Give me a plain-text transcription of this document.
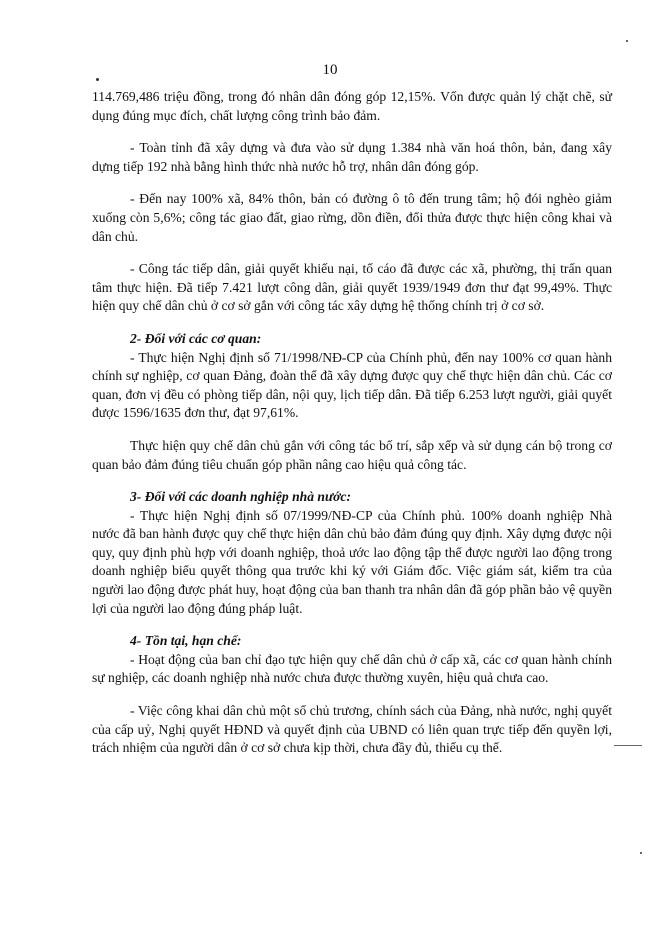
10

114.769,486 triệu đồng, trong đó nhân dân đóng góp 12,15%. Vốn được quản lý chặt chẽ, sử dụng đúng mục đích, chất lượng công trình bảo đảm.

- Toàn tỉnh đã xây dựng và đưa vào sử dụng 1.384 nhà văn hoá thôn, bản, đang xây dựng tiếp 192 nhà bằng hình thức nhà nước hỗ trợ, nhân dân đóng góp.

- Đến nay 100% xã, 84% thôn, bản có đường ô tô đến trung tâm; hộ đói nghèo giảm xuống còn 5,6%; công tác giao đất, giao rừng, dồn điền, đổi thửa được thực hiện công khai và dân chủ.

- Công tác tiếp dân, giải quyết khiếu nại, tố cáo đã được các xã, phường, thị trấn quan tâm thực hiện. Đã tiếp 7.421 lượt công dân, giải quyết 1939/1949 đơn thư đạt 99,49%. Thực hiện quy chế dân chủ ở cơ sở gắn với công tác xây dựng hệ thống chính trị ở cơ sở.

2- Đối với các cơ quan:

- Thực hiện Nghị định số 71/1998/NĐ-CP của Chính phủ, đến nay 100% cơ quan hành chính sự nghiệp, cơ quan Đảng, đoàn thể đã xây dựng được quy chế thực hiện dân chủ. Các cơ quan, đơn vị đều có phòng tiếp dân, nội quy, lịch tiếp dân. Đã tiếp 6.253 lượt người, giải quyết được 1596/1635 đơn thư, đạt 97,61%.

Thực hiện quy chế dân chủ gắn với công tác bố trí, sắp xếp và sử dụng cán bộ trong cơ quan bảo đảm đúng tiêu chuẩn góp phần nâng cao hiệu quả công tác.

3- Đối với các doanh nghiệp nhà nước:

- Thực hiện Nghị định số 07/1999/NĐ-CP của Chính phủ. 100% doanh nghiệp Nhà nước đã ban hành được quy chế thực hiện dân chủ bảo đảm đúng quy định. Xây dựng được nội quy, quy định phù hợp với doanh nghiệp, thoả ước lao động tập thể được người lao động trong doanh nghiệp biểu quyết thông qua trước khi ký với Giám đốc. Việc giám sát, kiểm tra của người lao động được phát huy, hoạt động của ban thanh tra nhân dân đã góp phần bảo vệ quyền lợi của người lao động đúng pháp luật.

4- Tồn tại, hạn chế:

- Hoạt động của ban chỉ đạo tực hiện quy chế dân chủ ở cấp xã, các cơ quan hành chính sự nghiệp, các doanh nghiệp nhà nước chưa được thường xuyên, hiệu quả chưa cao.

- Việc công khai dân chủ một số chủ trương, chính sách của Đảng, nhà nước, nghị quyết của cấp uỷ, Nghị quyết HĐND và quyết định của UBND có liên quan trực tiếp đến quyền lợi, trách nhiệm của người dân ở cơ sở chưa kịp thời, chưa đầy đủ, thiếu cụ thể.
